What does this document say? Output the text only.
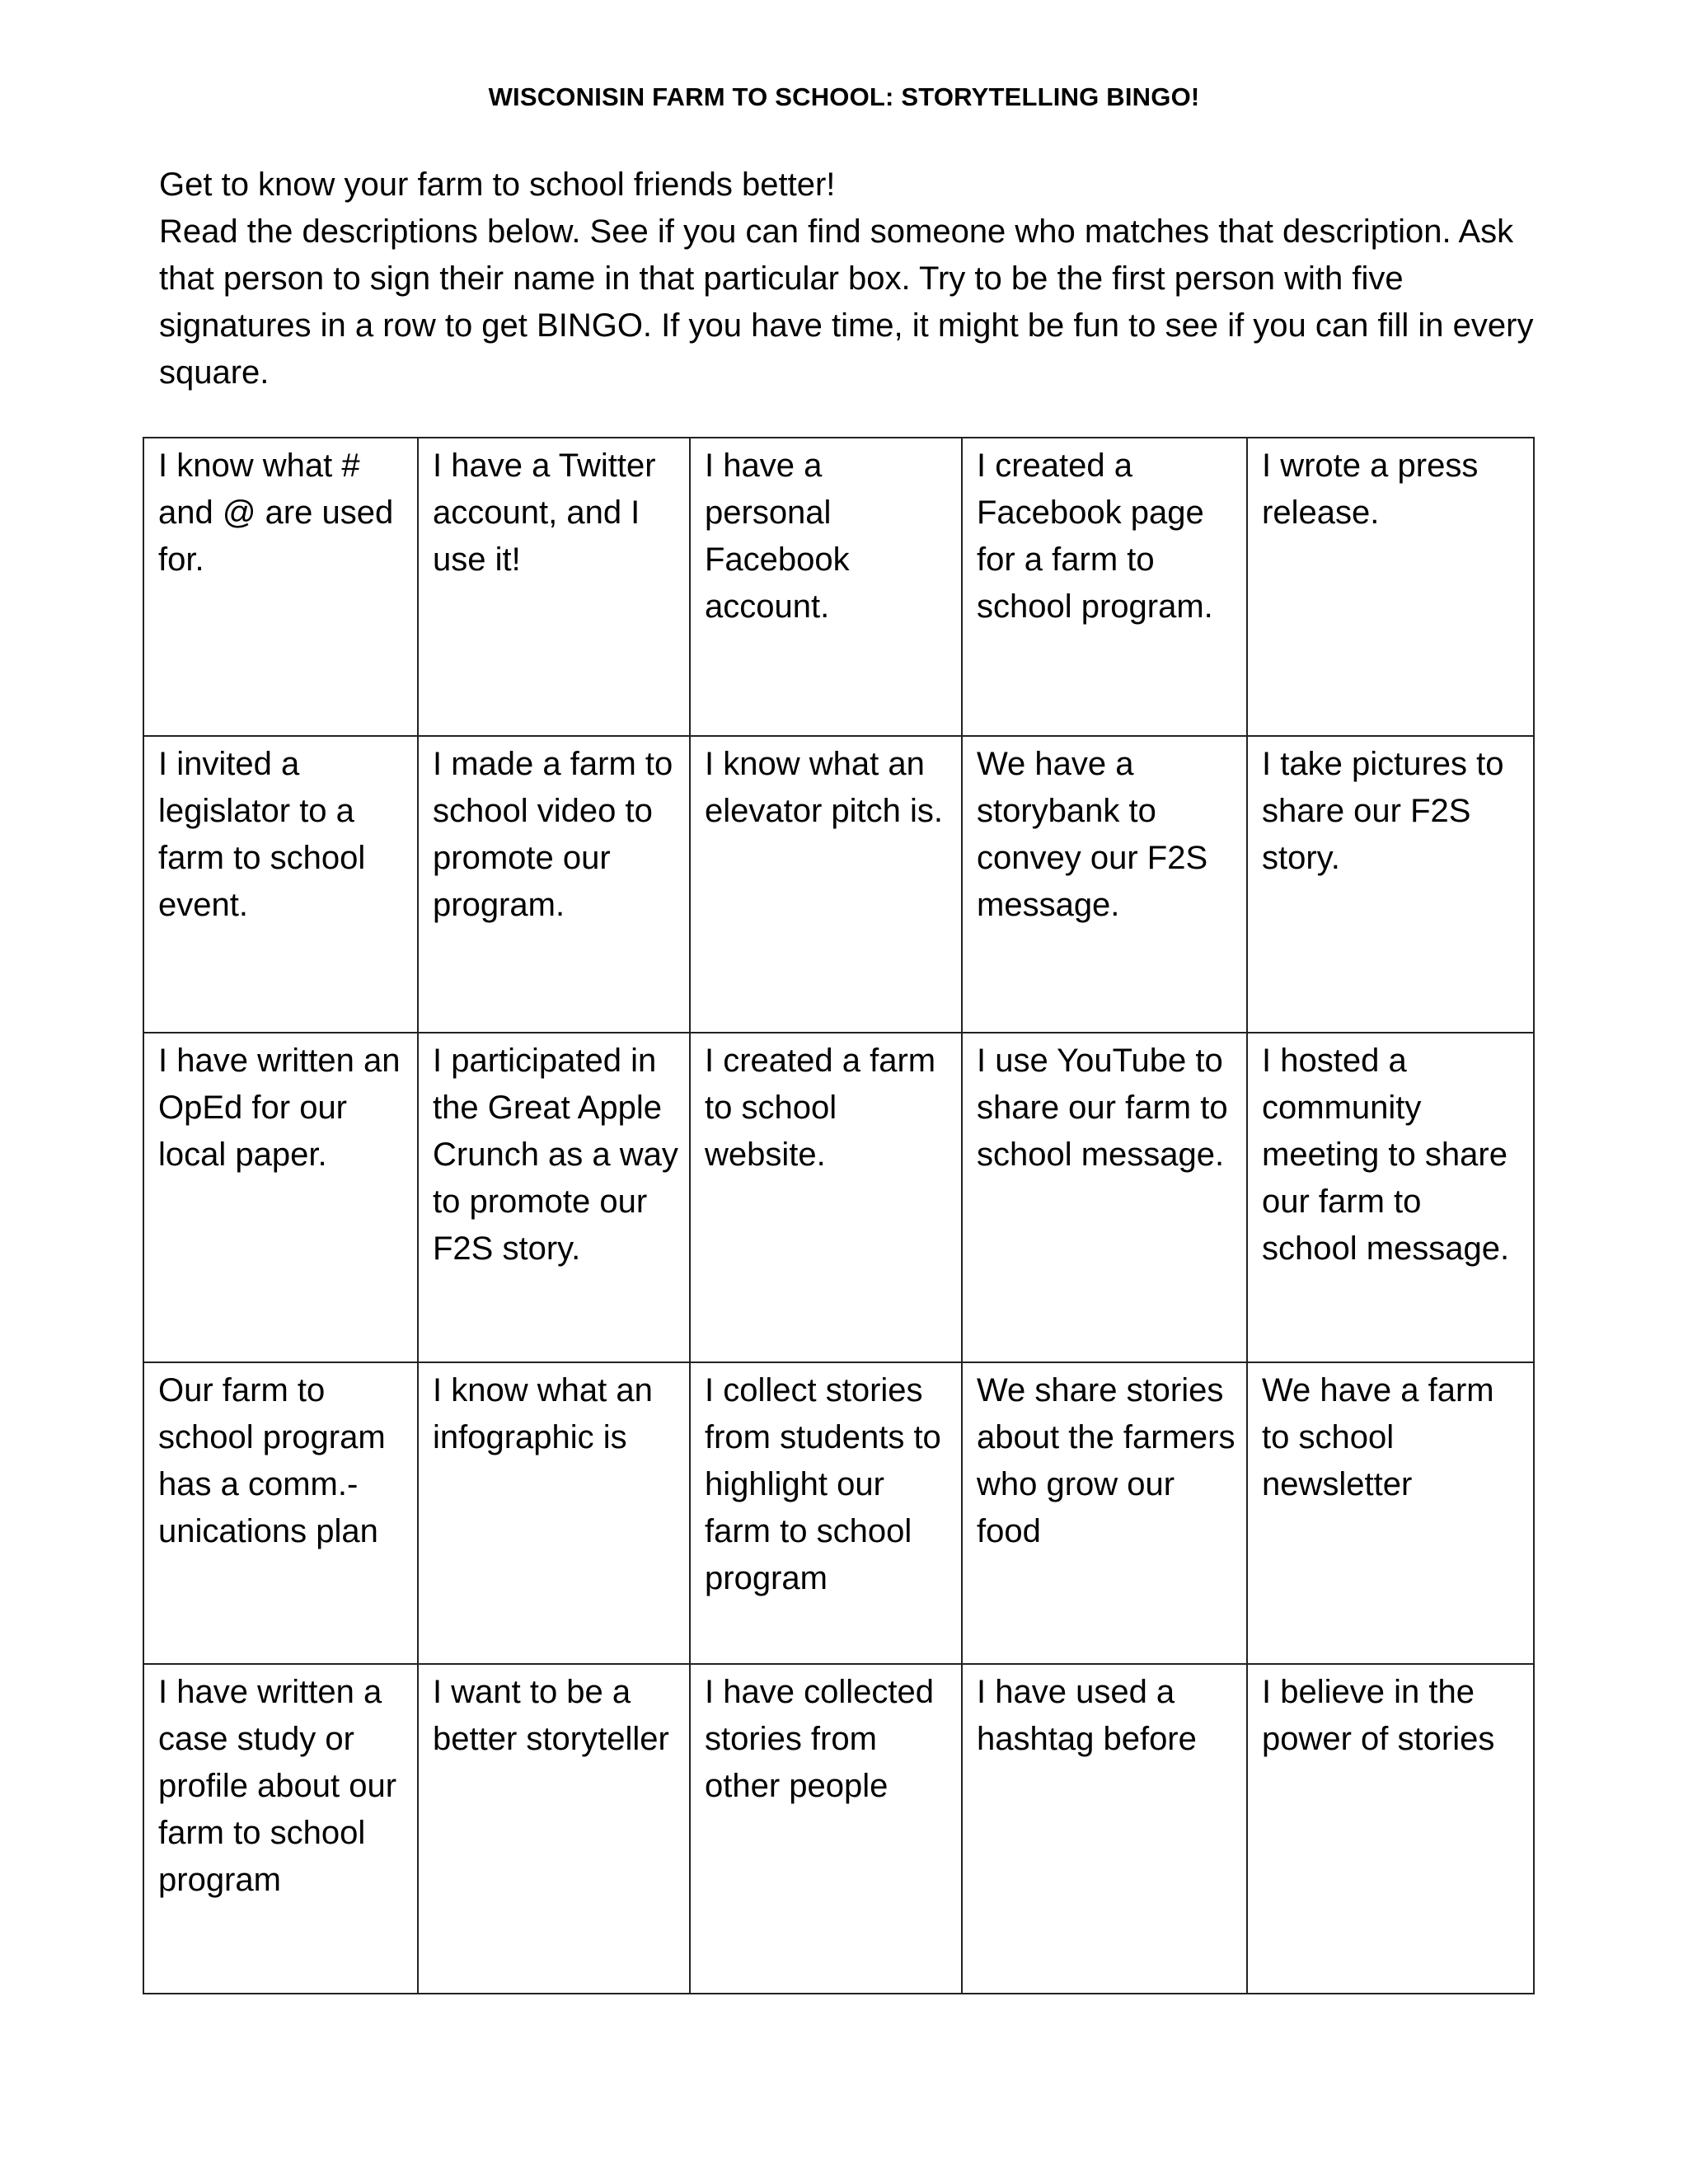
WISCONISIN FARM TO SCHOOL: STORYTELLING BINGO!

Get to know your farm to school friends better!

Read the descriptions below. See if you can find someone who matches that description. Ask that person to sign their name in that particular box. Try to be the first person with five signatures in a row to get BINGO. If you have time, it might be fun to see if you can fill in every square.

I know what # and @ are used for.	I have a Twitter account, and I use it!	I have a personal Facebook account.	I created a Facebook page for a farm to school program.	I wrote a press release.
I invited a legislator to a farm to school event.	I made a farm to school video to promote our program.	I know what an elevator pitch is.	We have a storybank to convey our F2S message.	I take pictures to share our F2S story.
I have written an OpEd for our local paper.	I participated in the Great Apple Crunch as a way to promote our F2S story.	I created a farm to school website.	I use YouTube to share our farm to school message.	I hosted a community meeting to share our farm to school message.
Our farm to school program has a comm.-unications plan	I know what an infographic is	I collect stories from students to highlight our farm to school program	We share stories about the farmers who grow our food	We have a farm to school newsletter
I have written a case study or profile about our farm to school program	I want to be a better storyteller	I have collected stories from other people	I have used a hashtag before	I believe in the power of stories
